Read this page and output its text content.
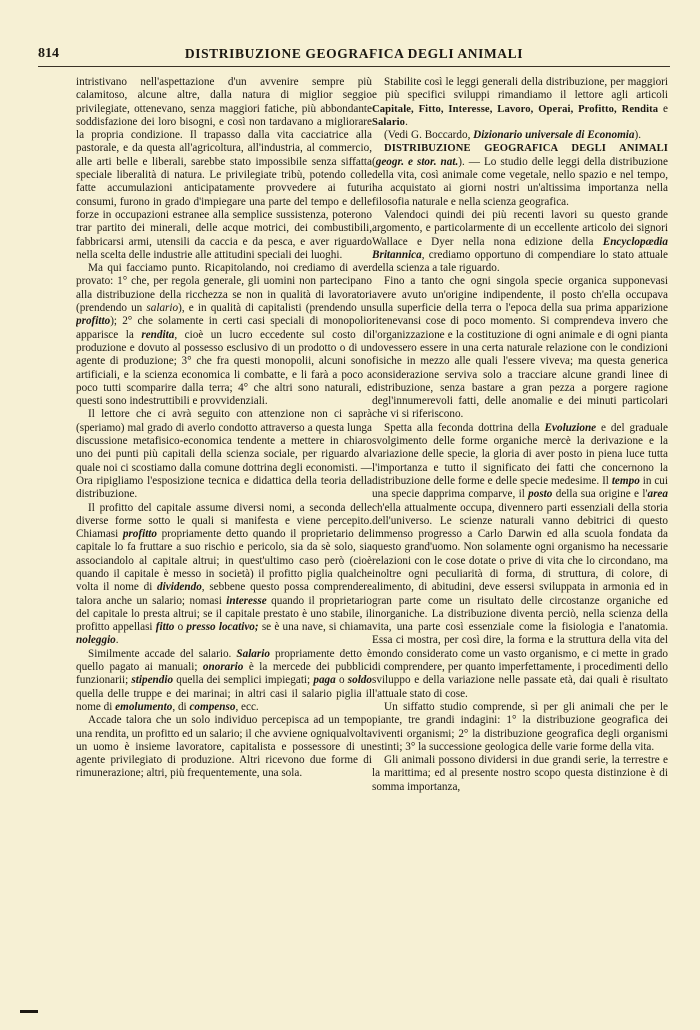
814	DISTRIBUZIONE GEOGRAFICA DEGLI ANIMALI

intristivano nell'aspettazione d'un avvenire sempre più calamitoso, alcune altre, dalla natura di miglior seggio privilegiate, ottenevano, senza maggiori fatiche, più abbondante soddisfazione dei loro bisogni, e così non tardavano a migliorare la propria condizione. Il trapasso dalla vita cacciatrice alla pastorale, e da questa all'agricoltura, all'industria, al commercio, alle arti belle e liberali, sarebbe stato impossibile senza siffatta speciale liberalità di natura. Le privilegiate tribù, potendo colle fatte accumulazioni anticipatamente provvedere ai futuri consumi, furono in grado d'impiegare una parte del tempo e delle forze in occupazioni estranee alla semplice sussistenza, poterono trar partito dei minerali, delle acque motrici, dei combustibili, fabbricarsi armi, utensili da caccia e da pesca, e aver riguardo nella scelta delle industrie alle attitudini speciali dei luoghi.

Ma qui facciamo punto. Ricapitolando, noi crediamo di aver provato: 1° che, per regola generale, gli uomini non partecipano alla distribuzione della ricchezza se non in qualità di lavoratori (prendendo un salario), e in qualità di capitalisti (prendendo un profitto); 2° che solamente in certi casi speciali di monopolio apparisce la rendita, cioè un lucro eccedente sul costo di produzione e dovuto al possesso esclusivo di un prodotto o di un agente di produzione; 3° che fra questi monopolii, alcuni sono artificiali, e la scienza economica li combatte, e li farà a poco a poco tutti scomparire dalla terra; 4° che altri sono naturali, e questi sono indestruttibili e provvidenziali.

Il lettore che ci avrà seguito con attenzione non ci saprà (speriamo) mal grado di averlo condotto attraverso a questa lunga discussione metafisico-economica tendente a mettere in chiaro uno dei punti più capitali della scienza sociale, per riguardo al quale noi ci scostiamo dalla comune dottrina degli economisti. — Ora ripigliamo l'esposizione tecnica e didattica della teoria della distribuzione.

Il profitto del capitale assume diversi nomi, a seconda delle diverse forme sotto le quali si manifesta e viene percepito. Chiamasi profitto propriamente detto quando il proprietario del capitale lo fa fruttare a suo rischio e pericolo, sia da sè solo, sia associandolo al capitale altrui; in quest'ultimo caso però (cioè quando il capitale è messo in società) il profitto piglia qualche volta il nome di dividendo, sebbene questo possa comprendere talora anche un salario; nomasi interesse quando il proprietario del capitale lo presta altrui; se il capitale prestato è uno stabile, il profitto appellasi fitto o presso locativo; se è una nave, si chiama noleggio.

Similmente accade del salario. Salario propriamente detto è quello pagato ai manuali; onorario è la mercede dei pubblici funzionarii; stipendio quella dei semplici impiegati; paga o soldo quella delle truppe e dei marinai; in altri casi il salario piglia il nome di emolumento, di compenso, ecc.

Accade talora che un solo individuo percepisca ad un tempo una rendita, un profitto ed un salario; il che avviene ogniqualvolta un uomo è insieme lavoratore, capitalista e possessore di un agente privilegiato di produzione. Altri ricevono due forme di rimunerazione; altri, più frequentemente, una sola.

Stabilite così le leggi generali della distribuzione, per maggiori e più specifici sviluppi rimandiamo il lettore agli articoli Capitale, Fitto, Interesse, Lavoro, Operai, Profitto, Rendita e Salario.

(Vedi G. Boccardo, Dizionario universale di Economia).

DISTRIBUZIONE GEOGRAFICA DEGLI ANIMALI (geogr. e stor. nat.). — Lo studio delle leggi della distribuzione della vita, così animale come vegetale, nello spazio e nel tempo, ha acquistato ai giorni nostri un'altissima importanza nella filosofia naturale e nella scienza geografica.

Valendoci quindi dei più recenti lavori su questo grande argomento, e particolarmente di un eccellente articolo dei signori Wallace e Dyer nella nona edizione della Encyclopædia Britannica, crediamo opportuno di compendiare lo stato attuale della scienza a tale riguardo.

Fino a tanto che ogni singola specie organica supponevasi avere avuto un'origine indipendente, il posto ch'ella occupava sulla superficie della terra o l'epoca della sua prima apparizione ritenevansi cose di poco momento. Si comprendeva invero che l'organizzazione e la costituzione di ogni animale e di ogni pianta dovessero essere in una certa naturale relazione con le condizioni fisiche in mezzo alle quali l'essere viveva; ma questa generica considerazione serviva solo a tracciare alcune grandi linee di distribuzione, senza bastare a gran pezza a porgere ragione degl'innumerevoli fatti, delle anomalie e dei minuti particolari che vi si riferiscono.

Spetta alla feconda dottrina della Evoluzione e del graduale svolgimento delle forme organiche mercè la derivazione e la variazione delle specie, la gloria di aver posto in piena luce tutta l'importanza e tutto il significato dei fatti che concernono la distribuzione delle forme e delle specie medesime. Il tempo in cui una specie dapprima comparve, il posto della sua origine e l'area ch'ella attualmente occupa, divennero parti essenziali della storia dell'universo. Le scienze naturali vanno debitrici di questo immenso progresso a Carlo Darwin ed alla scuola fondata da questo grand'uomo. Non solamente ogni organismo ha necessarie relazioni con le cose dotate o prive di vita che lo circondano, ma inoltre ogni peculiarità di forma, di struttura, di colore, di alimento, di abitudini, deve essersi sviluppata in armonia ed in gran parte come un risultato delle circostanze organiche ed inorganiche. La distribuzione diventa perciò, nella scienza della vita, una parte così essenziale come la fisiologia e l'anatomia. Essa ci mostra, per così dire, la forma e la struttura della vita del mondo considerato come un vasto organismo, e ci mette in grado di comprendere, per quanto imperfettamente, i procedimenti dello sviluppo e della variazione nelle passate età, dai quali è risultato l'attuale stato di cose.

Un siffatto studio comprende, sì per gli animali che per le piante, tre grandi indagini: 1° la distribuzione geografica dei viventi organismi; 2° la distribuzione geografica degli organismi estinti; 3° la successione geologica delle varie forme della vita.

Gli animali possono dividersi in due grandi serie, la terrestre e la marittima; ed al presente nostro scopo questa distinzione è di somma importanza,
